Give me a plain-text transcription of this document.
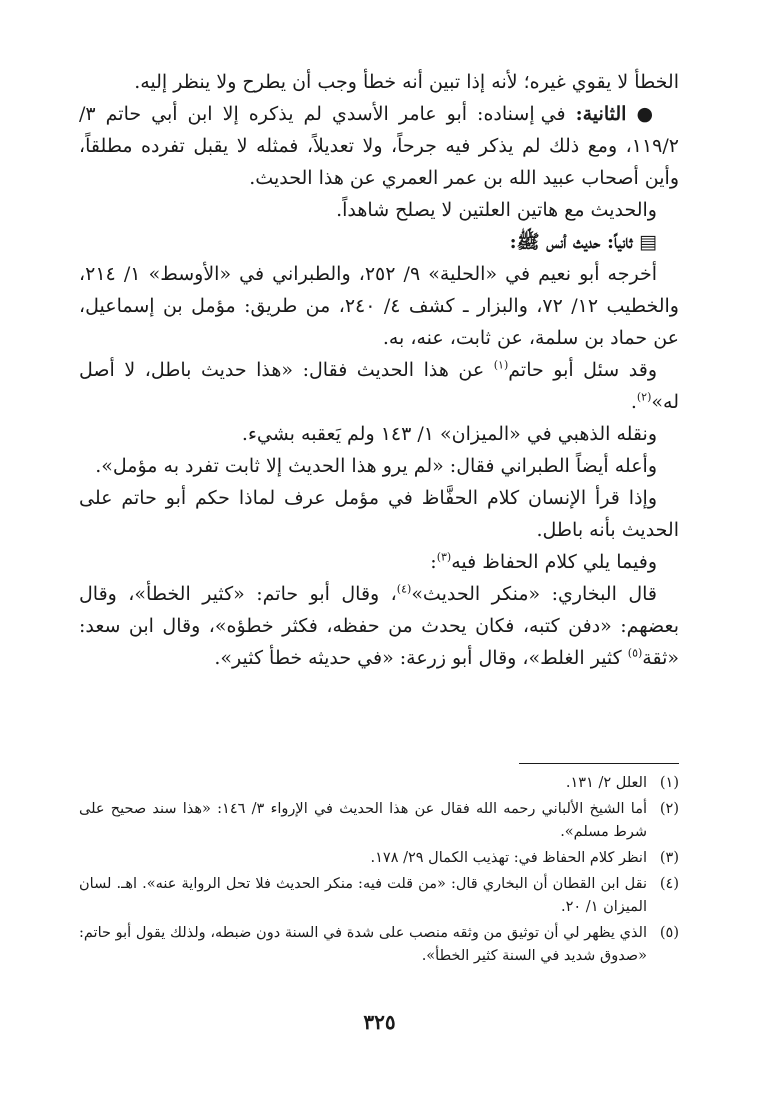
الخطأ لا يقوي غيره؛ لأنه إذا تبين أنه خطأ وجب أن يطرح ولا ينظر إليه.

● الثانية: في إسناده: أبو عامر الأسدي لم يذكره إلا ابن أبي حاتم ٣/ ١١٩/٢، ومع ذلك لم يذكر فيه جرحاً، ولا تعديلاً، فمثله لا يقبل تفرده مطلقاً، وأين أصحاب عبيد الله بن عمر العمري عن هذا الحديث.

والحديث مع هاتين العلتين لا يصلح شاهداً.

▤ ثانياً: حديث أنس ﷺ:

أخرجه أبو نعيم في «الحلية» ٩/ ٢٥٢، والطبراني في «الأوسط» ١/ ٢١٤، والخطيب ١٢/ ٧٢، والبزار ـ كشف ٤/ ٢٤٠، من طريق: مؤمل بن إسماعيل، عن حماد بن سلمة، عن ثابت، عنه، به.

وقد سئل أبو حاتم$^{(١)}$ عن هذا الحديث فقال: «هذا حديث باطل، لا أصل له»$^{(٢)}$.

ونقله الذهبي في «الميزان» ١/ ١٤٣ ولم يَعقبه بشيء.

وأعله أيضاً الطبراني فقال: «لم يرو هذا الحديث إلا ثابت تفرد به مؤمل».

وإذا قرأ الإنسان كلام الحفَّاظ في مؤمل عرف لماذا حكم أبو حاتم على الحديث بأنه باطل.

وفيما يلي كلام الحفاظ فيه$^{(٣)}$:

قال البخاري: «منكر الحديث»$^{(٤)}$، وقال أبو حاتم: «كثير الخطأ»، وقال بعضهم: «دفن كتبه، فكان يحدث من حفظه، فكثر خطؤه»، وقال ابن سعد: «ثقة$^{(٥)}$ كثير الغلط»، وقال أبو زرعة: «في حديثه خطأ كثير».

(١)
العلل ٢/ ١٣١.
(٢)
أما الشيخ الألباني رحمه الله فقال عن هذا الحديث في الإرواء ٣/ ١٤٦: «هذا سند صحيح على شرط مسلم».
(٣)
انظر كلام الحفاظ في: تهذيب الكمال ٢٩/ ١٧٨.
(٤)
نقل ابن القطان أن البخاري قال: «من قلت فيه: منكر الحديث فلا تحل الرواية عنه». اهـ. لسان الميزان ١/ ٢٠.
(٥)
الذي يظهر لي أن توثيق من وثقه منصب على شدة في السنة دون ضبطه، ولذلك يقول أبو حاتم: «صدوق شديد في السنة كثير الخطأ».
٣٢٥
